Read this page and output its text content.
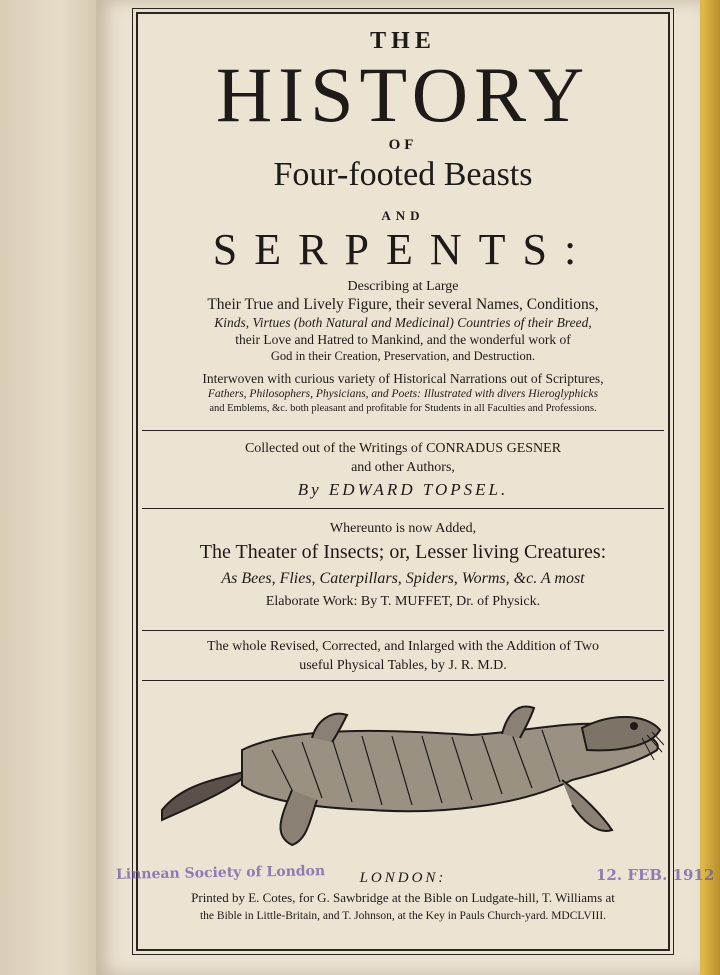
THE
HISTORY
OF
Four-footed Beasts
AND
SERPENTS:
Describing at Large
Their True and Lively Figure, their several Names, Conditions,
Kinds, Virtues (both Natural and Medicinal) Countries of their Breed,
their Love and Hatred to Mankind, and the wonderful work of
God in their Creation, Preservation, and Destruction.
Interwoven with curious variety of Historical Narrations out of Scriptures,
Fathers, Philosophers, Physicians, and Poets: Illustrated with divers Hieroglyphicks
and Emblems, &c. both pleasant and profitable for Students in all Faculties and Professions.
Collected out of the Writings of CONRADUS GESNER
and other Authors,
By EDWARD TOPSEL.
Whereunto is now Added,
The Theater of Insects; or, Lesser living Creatures:
As Bees, Flies, Caterpillars, Spiders, Worms, &c. A most
Elaborate Work: By T. MUFFET, Dr. of Physick.
The whole Revised, Corrected, and Inlarged with the Addition of Two
useful Physical Tables, by J. R. M.D.
LONDON:
Printed by E. Cotes, for G. Sawbridge at the Bible on Ludgate-hill, T. Williams at
the Bible in Little-Britain, and T. Johnson, at the Key in Pauls Church-yard. MDCLVIII.
Linnean Society of London	12. FEB. 1912
